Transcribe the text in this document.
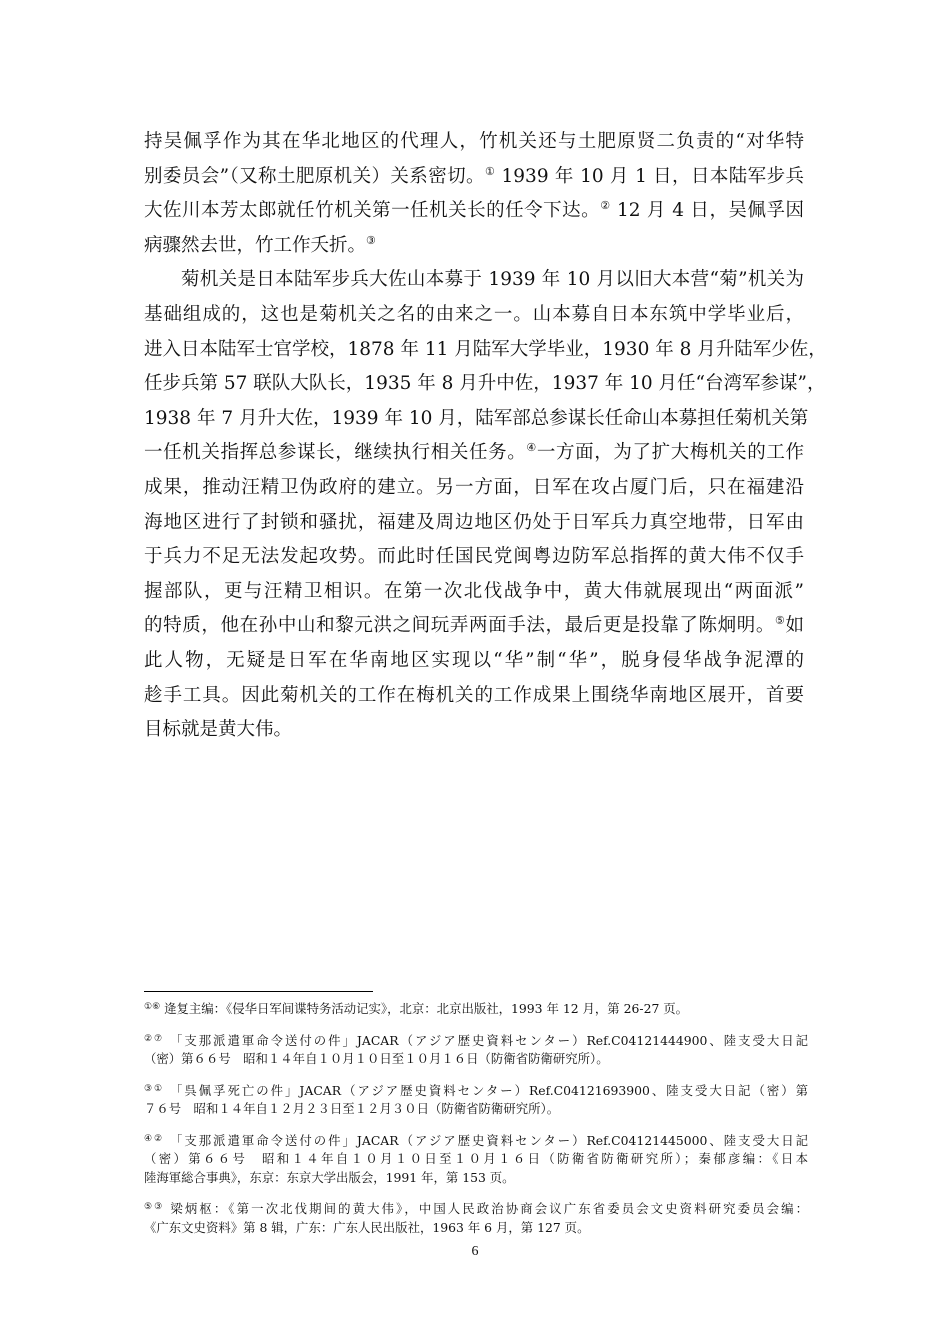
持吴佩孚作为其在华北地区的代理人，竹机关还与土肥原贤二负责的“对华特
别委员会”（又称土肥原机关）关系密切。① 1939 年 10 月 1 日，日本陆军步兵
大佐川本芳太郎就任竹机关第一任机关长的任令下达。② 12 月 4 日，吴佩孚因
病骤然去世，竹工作夭折。③
菊机关是日本陆军步兵大佐山本募于 1939 年 10 月以旧大本营“菊”机关为
基础组成的，这也是菊机关之名的由来之一。山本募自日本东筑中学毕业后，
进入日本陆军士官学校，1878 年 11 月陆军大学毕业，1930 年 8 月升陆军少佐，
任步兵第 57 联队大队长，1935 年 8 月升中佐，1937 年 10 月任“台湾军参谋”，
1938 年 7 月升大佐，1939 年 10 月，陆军部总参谋长任命山本募担任菊机关第
一任机关指挥总参谋长，继续执行相关任务。④一方面，为了扩大梅机关的工作
成果，推动汪精卫伪政府的建立。另一方面，日军在攻占厦门后，只在福建沿
海地区进行了封锁和骚扰，福建及周边地区仍处于日军兵力真空地带，日军由
于兵力不足无法发起攻势。而此时任国民党闽粤边防军总指挥的黄大伟不仅手
握部队，更与汪精卫相识。在第一次北伐战争中，黄大伟就展现出“两面派”
的特质，他在孙中山和黎元洪之间玩弄两面手法，最后更是投靠了陈炯明。⑤如
此人物，无疑是日军在华南地区实现以“华”制“华”，脱身侵华战争泥潭的
趁手工具。因此菊机关的工作在梅机关的工作成果上围绕华南地区展开，首要
目标就是黄大伟。
①⑥ 逄复主编：《侵华日军间谍特务活动记实》，北京：北京出版社，1993 年 12 月，第 26-27 页。
②⑦ 「支那派遣軍命令送付の件」JACAR（アジア歴史資料センター）Ref.C04121444900、陸支受大日記
（密）第６６号　昭和１４年自１０月１０日至１０月１６日（防衛省防衛研究所）。
③① 「呉佩孚死亡の件」JACAR（アジア歴史資料センター）Ref.C04121693900、陸支受大日記（密）第
７６号　昭和１４年自１２月２３日至１２月３０日（防衛省防衛研究所）。
④② 「支那派遣軍命令送付の件」JACAR（アジア歴史資料センター）Ref.C04121445000、陸支受大日記
（密）第６６号　昭和１４年自１０月１０日至１０月１６日（防衛省防衛研究所）；秦郁彦编：《日本
陸海軍総合事典》，东京：东京大学出版会，1991 年，第 153 页。
⑤③ 梁炳枢：《第一次北伐期间的黄大伟》，中国人民政治协商会议广东省委员会文史资料研究委员会编：
《广东文史资料》第 8 辑，广东：广东人民出版社，1963 年 6 月，第 127 页。
6
